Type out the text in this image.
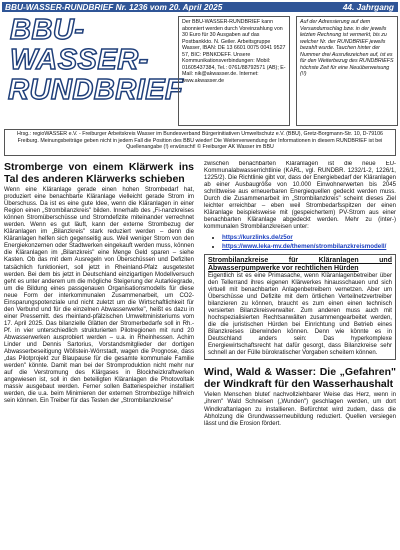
BBU-WASSER-RUNDBRIEF Nr. 1236 vom 20. April 2025	44. Jahrgang
BBU-
WASSER-
RUNDBRIEF
Der BBU-WASSER-RUNDBRIEF kann abonniert werden durch Voreinzahlung von 30 Euro für 30 Ausgaben auf das Postbankkto. N. Geiler. Arbeitsgruppe Wasser, IBAN: DE 13 6601 0075 0041 9527 57, BIC: PBNKDEFF. Unsere Kommunikationsverbindungen: Mobil: 01605437384, Tel.: 0761/88792571 (AB); E-Mail: nik@akwasser.de. Internet: www.akwasser.de
Auf der Adressierung auf dem Versandumschlag bzw. in der jeweils letzten Rechnung ist vermerkt, bis zu welcher Nr. der RUNDBRIEF jeweils bezahlt wurde. Tauchen hinter der Nummer drei Ausrufezeichen auf, ist es für den Weiterbezug des RUNDBRIEFS höchste Zeit für eine Neuüberweisung (!!)
Hrsg.: regioWASSER e.V. - Freiburger Arbeitskreis Wasser im Bundesverband Bürgerinitiativen Umweltschutz e.V. (BBU), Gretz-Borgmann-Str. 10, D-79106 Freiburg. Meinungsbeiträge geben nicht in jedem Fall die Position des BBU wieder! Die Weiterverwendung der Informationen in diesem RUNDBRIEF ist bei Quellenangabe (!) erwünscht! © Freiburger AK Wasser im BBU
Strombergе von einem Klärwerk ins Tal des anderen Klärwerks schieben

Wenn eine Kläranlage gerade einen hohen Strombedarf hat, produziert eine benachbarte Kläranlage vielleicht gerade Strom im Überschuss. Da ist es eine gute Idee, wenn die Kläranlagen in einer Region einen „Strombilanzkreis" bilden. Innerhalb des „Fi-nanzkreises können Stromüberschüsse und Stromdefizite miteinander verrechnet werden. Wenn es gut läuft, kann der externe Strombezug der Kläranlagen im „Bilanzkreis" stark reduziert werden – denn die Kläranlagen helfen sich gegenseitig aus. Weil weniger Strom von den Energiekonzernen oder Stadtwerken eingekauft werden muss, können die Kläranlagen im „Bilanzkreis" eine Menge Geld sparen – siehe Kasten. Ob das mit dem Ausregeln von Überschüssen und Defiziten tatsächlich funktioniert, soll jetzt in Rheinland-Pfalz ausgetestet werden. Bei dem bis jetzt in Deutschland einzigartigen Modellversuch geht es unter anderem um die mögliche Steigerung der Autarkiegrade, um die Bildung eines passgenauen Organisationsmodells für diese neue Form der interkommunalen Zusammenarbeit, um CO2-Einsparungspotenziale und nicht zuletzt um die Wirtschaftlichkeit für den Verbund und für die einzelnen Abwasserwerke", heißt es dazu in einer Pressemitt. des rheinland-pfälzischen Umweltministeriums vom 17. April 2025. Das bilanzielle Glätten der Stromerbedarfe soll in Rh.-Pf. in vier unterschiedlich strukturierten Pilotregionen mit rund 20 Abwasserwerken ausprobiert werden – u.a. in Rheinhessen. Achim Linder und Dennis Sartorius, Vorstandsmitglieder der dortigen Abwasserbeseitigung Wöllstein-Wörrstadt, wagen die Prognose, dass „das Pilotprojekt zur Blaupause für die gesamte kommunale Familie werden" könnte. Damit man bei der Stromproduktion nicht mehr nur auf die Verstromung des Klärgases in Blockheizkraftwerken angewiesen ist, soll in den beteiligten Kläranlagen die Photovoltaik massiv ausgebaut werden. Ferner sollen Batteriespeicher installiert werden, die u.a. beim Minimieren der externen Strombezüge hilfreich sein können. Ein Treiber für das Testen der „Strombilanzkreise"

zwischen benachbarten Kläranlagen ist die neue EU-Kommunalabwasserrichtlinie (KARL, vgl. RUNDBR. 1232/1-2, 1226/1, 1225/2). Die Richtlinie gibt vor, dass der Energiebedarf der Kläranlagen ab einer Ausbaugröße von 10.000 Einwohnerwerten bis 2045 schrittweise aus erneuerbaren Energiequellen gedeckt werden muss. Durch die Zusammenarbeit im „Strombilanzkreis" scheint dieses Ziel leichter erreichbar – eben weil Strombedarfsspitzen der einen Kläranlage beispielsweise mit (gespeichertem) PV-Strom aus einer benachbarten Kläranlage abgedeckt werden. Mehr zu (inter-) kommunalen Strombilanzkreisen unter:

• https://kurzlinks.de/z5or
• https://www.leka-mv.de/themen/strombilanzkreismodell/
Strombilanzkreise für Kläranlagen und Abwasserpumpwerke vor rechtlichen Hürden

Eigentlich ist es eine Primasache, wenn Kläranlagenbetreiber über den Tellerrand ihres eigenen Klärwerkes hinausschauen und sich virtuell mit benachbarten Anlagenbetreibern vernetzen. Aber um Überschüsse und Defizite mit dem örtlichen Verteilnetzvertreiber bilanzieren zu können, braucht es zum einen einen technisch versierten Bilanzkreisverwalter. Zum anderen muss auch mit hochspezialisierten Rechtsanwälten zusammengearbeitet werden, die die juristischen Hürden bei Einrichtung und Betrieb eines Bilanzkreises überwinden können. Denn wie könnte es in Deutschland anders sein: Das hyperkomplexe Energiewirtschaftsrecht hat dafür gesorgt, dass Bilanzkreise sehr schnell an der Fülle bürokratischer Vorgaben scheitern können.

Wind, Wald & Wasser: Die „Gefahren" der Windkraft für den Wasserhaushalt

Vielen Menschen bluteť nachvollziehbarer Weise das Herz, wenn in „ihrem" Wald Schneisen („Wunden") geschlagen werden, um dort Windkraftanlagen zu installieren. Befürchtet wird zudem, dass die Abholzung die Grundwasserneubildung reduziert. Quellen versiegen lässt und die Erosion fördert.
